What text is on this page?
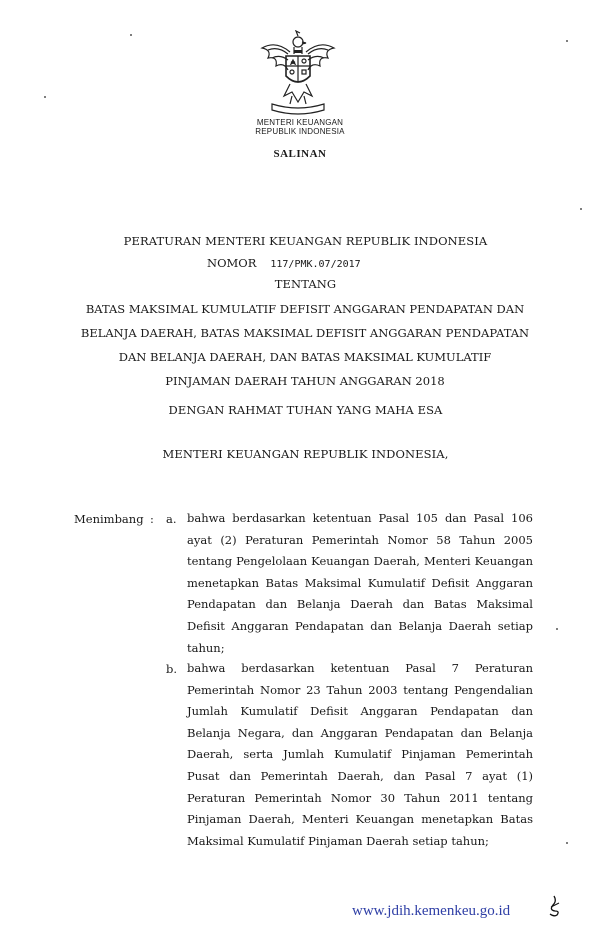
MENTERI KEUANGAN
REPUBLIK INDONESIA
SALINAN
PERATURAN MENTERI KEUANGAN REPUBLIK INDONESIA
NOMOR 117/PMK.07/2017
TENTANG
BATAS MAKSIMAL KUMULATIF DEFISIT ANGGARAN PENDAPATAN DAN
BELANJA DAERAH, BATAS MAKSIMAL DEFISIT ANGGARAN PENDAPATAN
DAN BELANJA DAERAH, DAN BATAS MAKSIMAL KUMULATIF
PINJAMAN DAERAH TAHUN ANGGARAN 2018
DENGAN RAHMAT TUHAN YANG MAHA ESA
MENTERI KEUANGAN REPUBLIK INDONESIA,
Menimbang : a. bahwa berdasarkan ketentuan Pasal 105 dan Pasal 106 ayat (2) Peraturan Pemerintah Nomor 58 Tahun 2005 tentang Pengelolaan Keuangan Daerah, Menteri Keuangan menetapkan Batas Maksimal Kumulatif Defisit Anggaran Pendapatan dan Belanja Daerah dan Batas Maksimal Defisit Anggaran Pendapatan dan Belanja Daerah setiap tahun;
b. bahwa berdasarkan ketentuan Pasal 7 Peraturan Pemerintah Nomor 23 Tahun 2003 tentang Pengendalian Jumlah Kumulatif Defisit Anggaran Pendapatan dan Belanja Negara, dan Anggaran Pendapatan dan Belanja Daerah, serta Jumlah Kumulatif Pinjaman Pemerintah Pusat dan Pemerintah Daerah, dan Pasal 7 ayat (1) Peraturan Pemerintah Nomor 30 Tahun 2011 tentang Pinjaman Daerah, Menteri Keuangan menetapkan Batas Maksimal Kumulatif Pinjaman Daerah setiap tahun;
www.jdih.kemenkeu.go.id
